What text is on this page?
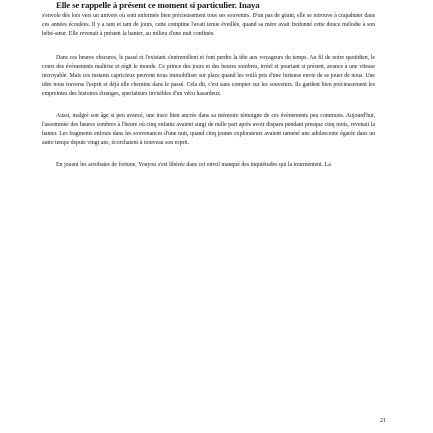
Elle se rappelle à présent ce moment si particulier. Inaya

s'envole dès lors vers un univers où sont enfermés bien précieusement tous ses souvenirs. D'un pas de géant, elle se retrouve à crapahuter dans ces années écoulées. Il y a tant et tant de jours, cette comptine l'avait tenue éveillée, quand sa mère avait fredonné cette douce mélodie à son bébé-sœur. Elle revenait à présent la hanter, au milieu d'une nuit confinée.

Dans ces heures obscures, le passé et l'existant s'entremêlent et font perdre la tête aux voyageurs du temps. Au fil de notre quotidien, le cours des évènements maîtrise et régit le monde. Ce prince des jours et des heures sombres, irréel et pourtant si présent, avance à une vitesse incroyable. Mais ces instants capricieux peuvent nous immobiliser sur place quand les voilà pris d'une furieuse envie de se jouer de nous. Une idée nous traverse l'esprit et déjà elle chemine dans le passé. Cela dit, c'est sans compter sur les souvenirs. Ils gardent bien précieusement les empreintes des histoires étranges, spectateurs invisibles d'un vécu hasardeux.

Aussi, malgré son âge si peu avancé, une trace bien ancrée dans sa mémoire témoigne de ces évènements peu communs. Aujourd'hui, l'assommée des heures sombres à l'heure où cinq enfants avaient surgi de nulle part après avoir disparu pendant presque cinq mois, revenait la hanter. Les fragments enfouis dans les souvenances d'une nuit, quand cinq jeunes explorateurs avaient ramené une adolescente égarée dans un autre temps depuis vingt ans, écorchaient à nouveau son esprit.

En jouant les acrobates de fortune, Youyou s'est libérée dans cet envol manqué des inquiétudes qui la tourmentent. La

21
